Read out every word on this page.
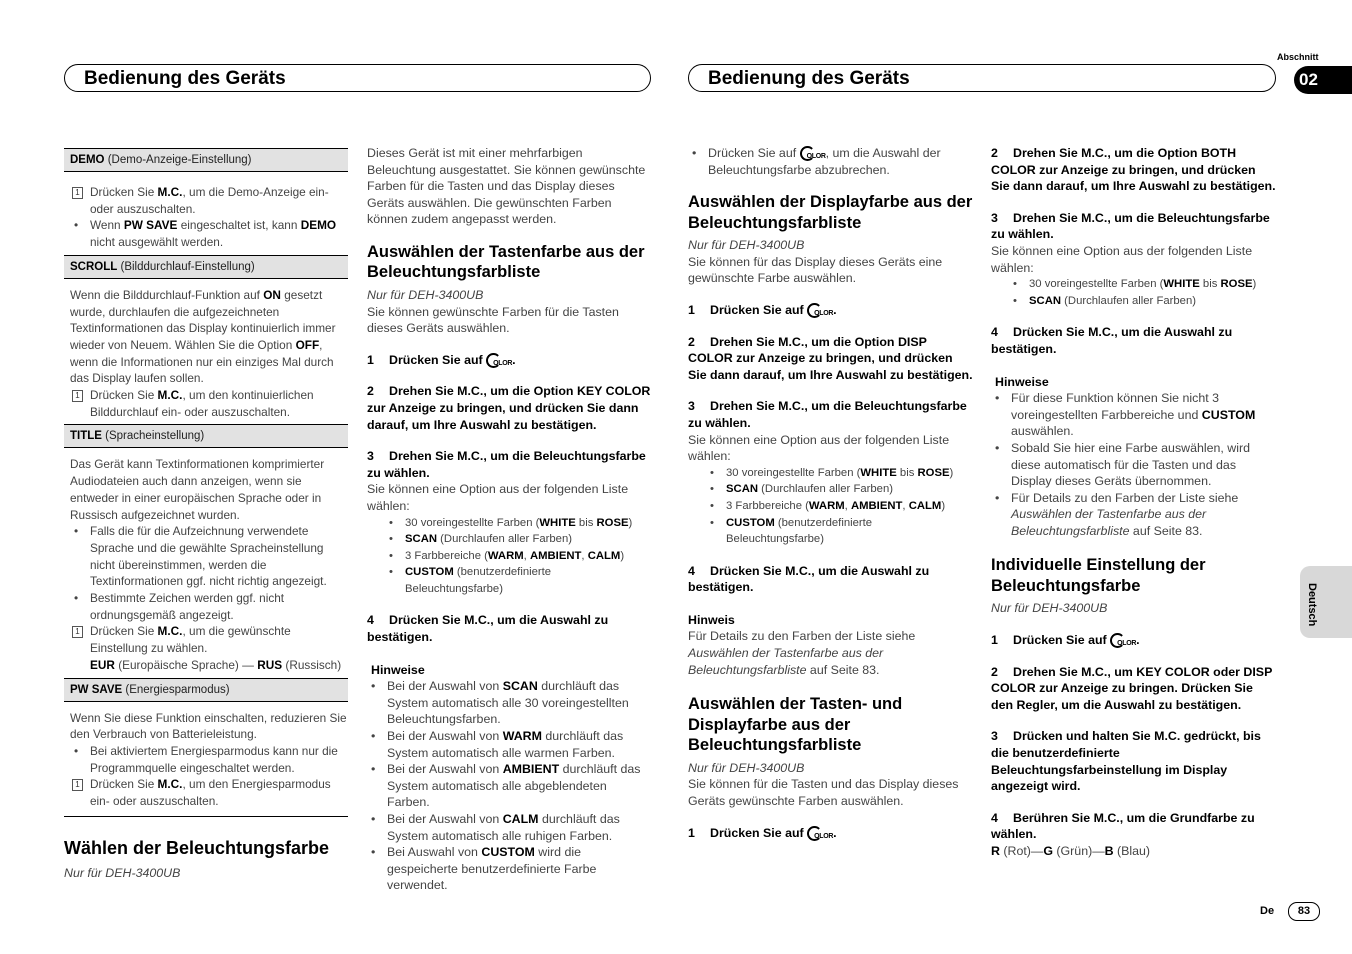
Bedienung des Geräts	Bedienung des Geräts
Abschnitt
02
Deutsch
De	83
DEMO (Demo-Anzeige-Einstellung)
1 Drücken Sie M.C., um die Demo-Anzeige ein- oder auszuschalten.
• Wenn PW SAVE eingeschaltet ist, kann DEMO nicht ausgewählt werden.
SCROLL (Bilddurchlauf-Einstellung)

Wenn die Bilddurchlauf-Funktion auf ON gesetzt wurde, durchlaufen die aufgezeichneten Textinformationen das Display kontinuierlich immer wieder von Neuem. Wählen Sie die Option OFF, wenn die Informationen nur ein einziges Mal durch das Display laufen sollen.

1 Drücken Sie M.C., um den kontinuierlichen Bilddurchlauf ein- oder auszuschalten.
TITLE (Spracheinstellung)

Das Gerät kann Textinformationen komprimierter Audiodateien auch dann anzeigen, wenn sie entweder in einer europäischen Sprache oder in Russisch aufgezeichnet wurden.

• Falls die für die Aufzeichnung verwendete Sprache und die gewählte Spracheinstellung nicht übereinstimmen, werden die Textinformationen ggf. nicht richtig angezeigt.
• Bestimmte Zeichen werden ggf. nicht ordnungsgemäß angezeigt.
1 Drücken Sie M.C., um die gewünschte Einstellung zu wählen.
EUR (Europäische Sprache) — RUS (Russisch)
PW SAVE (Energiesparmodus)

Wenn Sie diese Funktion einschalten, reduzieren Sie den Verbrauch von Batterieleistung.

• Bei aktiviertem Energiesparmodus kann nur die Programmquelle eingeschaltet werden.
1 Drücken Sie M.C., um den Energiesparmodus ein- oder auszuschalten.
Wählen der Beleuchtungsfarbe
Nur für DEH-3400UB

Dieses Gerät ist mit einer mehrfarbigen Beleuchtung ausgestattet. Sie können gewünschte Farben für die Tasten und das Display dieses Geräts auswählen. Die gewünschten Farben können zudem angepasst werden.

Auswählen der Tastenfarbe aus der Beleuchtungsfarbliste

Nur für DEH-3400UB

Sie können gewünschte Farben für die Tasten dieses Geräts auswählen.

1 Drücken Sie auf OLOR .
2 Drehen Sie M.C., um die Option KEY COLOR zur Anzeige zu bringen, und drücken Sie dann darauf, um Ihre Auswahl zu bestätigen.
3 Drehen Sie M.C., um die Beleuchtungsfarbe zu wählen.

Sie können eine Option aus der folgenden Liste wählen:

• 30 voreingestellte Farben (WHITE bis ROSE)
• SCAN (Durchlaufen aller Farben)
• 3 Farbbereiche (WARM, AMBIENT, CALM)
• CUSTOM (benutzerdefinierte Beleuchtungsfarbe)
4 Drücken Sie M.C., um die Auswahl zu bestätigen.

Hinweise

• Bei der Auswahl von SCAN durchläuft das System automatisch alle 30 voreingestellten Beleuchtungsfarben.
• Bei der Auswahl von WARM durchläuft das System automatisch alle warmen Farben.
• Bei der Auswahl von AMBIENT durchläuft das System automatisch alle abgeblendeten Farben.
• Bei der Auswahl von CALM durchläuft das System automatisch alle ruhigen Farben.
• Bei Auswahl von CUSTOM wird die gespeicherte benutzerdefinierte Farbe verwendet.
• Drücken Sie auf OLOR , um die Auswahl der Beleuchtungsfarbe abzubrechen.

Auswählen der Displayfarbe aus der Beleuchtungsfarbliste

Nur für DEH-3400UB

Sie können für das Display dieses Geräts eine gewünschte Farbe auswählen.

1 Drücken Sie auf OLOR .
2 Drehen Sie M.C., um die Option DISP COLOR zur Anzeige zu bringen, und drücken Sie dann darauf, um Ihre Auswahl zu bestätigen.
3 Drehen Sie M.C., um die Beleuchtungsfarbe zu wählen.

Sie können eine Option aus der folgenden Liste wählen:

• 30 voreingestellte Farben (WHITE bis ROSE)
• SCAN (Durchlaufen aller Farben)
• 3 Farbbereiche (WARM, AMBIENT, CALM)
• CUSTOM (benutzerdefinierte Beleuchtungsfarbe)
4 Drücken Sie M.C., um die Auswahl zu bestätigen.

Hinweis

Für Details zu den Farben der Liste siehe Auswählen der Tastenfarbe aus der Beleuchtungsfarbliste auf Seite 83.

Auswählen der Tasten- und Displayfarbe aus der Beleuchtungsfarbliste

Nur für DEH-3400UB

Sie können für die Tasten und das Display dieses Geräts gewünschte Farben auswählen.

1 Drücken Sie auf OLOR .
2 Drehen Sie M.C., um die Option BOTH COLOR zur Anzeige zu bringen, und drücken Sie dann darauf, um Ihre Auswahl zu bestätigen.
3 Drehen Sie M.C., um die Beleuchtungsfarbe zu wählen.

Sie können eine Option aus der folgenden Liste wählen:

• 30 voreingestellte Farben (WHITE bis ROSE)
• SCAN (Durchlaufen aller Farben)
4 Drücken Sie M.C., um die Auswahl zu bestätigen.

Hinweise

• Für diese Funktion können Sie nicht 3 voreingestellten Farbbereiche und CUSTOM auswählen.
• Sobald Sie hier eine Farbe auswählen, wird diese automatisch für die Tasten und das Display dieses Geräts übernommen.
• Für Details zu den Farben der Liste siehe Auswählen der Tastenfarbe aus der Beleuchtungsfarbliste auf Seite 83.

Individuelle Einstellung der Beleuchtungsfarbe

Nur für DEH-3400UB

1 Drücken Sie auf OLOR .
2 Drehen Sie M.C., um KEY COLOR oder DISP COLOR zur Anzeige zu bringen. Drücken Sie den Regler, um die Auswahl zu bestätigen.
3 Drücken und halten Sie M.C. gedrückt, bis die benutzerdefinierte Beleuchtungsfarbeinstellung im Display angezeigt wird.
4 Berühren Sie M.C., um die Grundfarbe zu wählen.

R (Rot)—G (Grün)—B (Blau)
